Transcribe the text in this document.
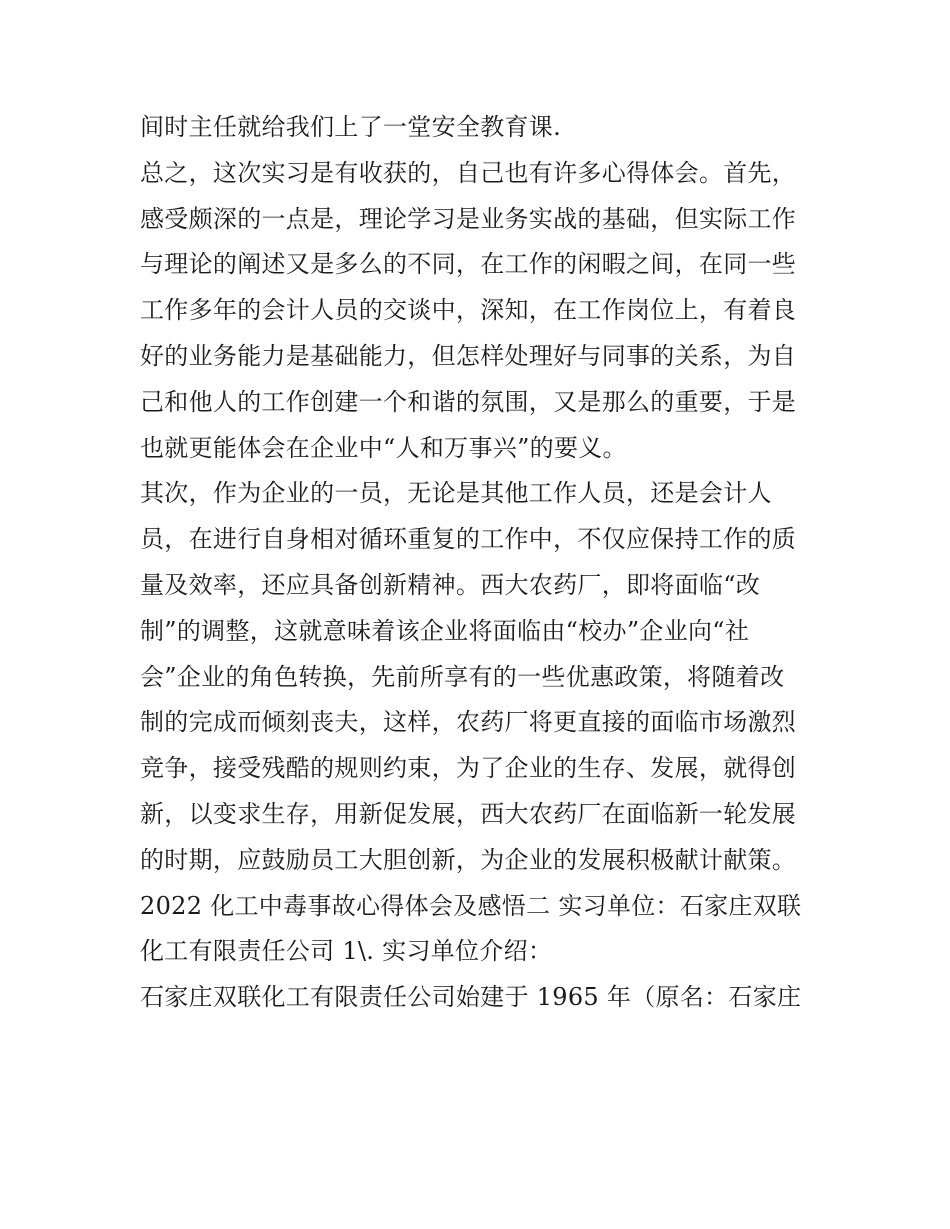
间时主任就给我们上了一堂安全教育课.
总之，这次实习是有收获的，自己也有许多心得体会。首先，
感受颇深的一点是，理论学习是业务实战的基础，但实际工作
与理论的阐述又是多么的不同，在工作的闲暇之间，在同一些
工作多年的会计人员的交谈中，深知，在工作岗位上，有着良
好的业务能力是基础能力，但怎样处理好与同事的关系，为自
己和他人的工作创建一个和谐的氛围，又是那么的重要，于是
也就更能体会在企业中“人和万事兴”的要义。
其次，作为企业的一员，无论是其他工作人员，还是会计人
员，在进行自身相对循环重复的工作中，不仅应保持工作的质
量及效率，还应具备创新精神。西大农药厂，即将面临“改
制”的调整，这就意味着该企业将面临由“校办”企业向“社
会”企业的角色转换，先前所享有的一些优惠政策，将随着改
制的完成而倾刻丧夫，这样，农药厂将更直接的面临市场激烈
竞争，接受残酷的规则约束，为了企业的生存、发展，就得创
新，以变求生存，用新促发展，西大农药厂在面临新一轮发展
的时期，应鼓励员工大胆创新，为企业的发展积极献计献策。
2022 化工中毒事故心得体会及感悟二 实习单位：石家庄双联
化工有限责任公司 1\. 实习单位介绍：
石家庄双联化工有限责任公司始建于 1965 年（原名：石家庄
